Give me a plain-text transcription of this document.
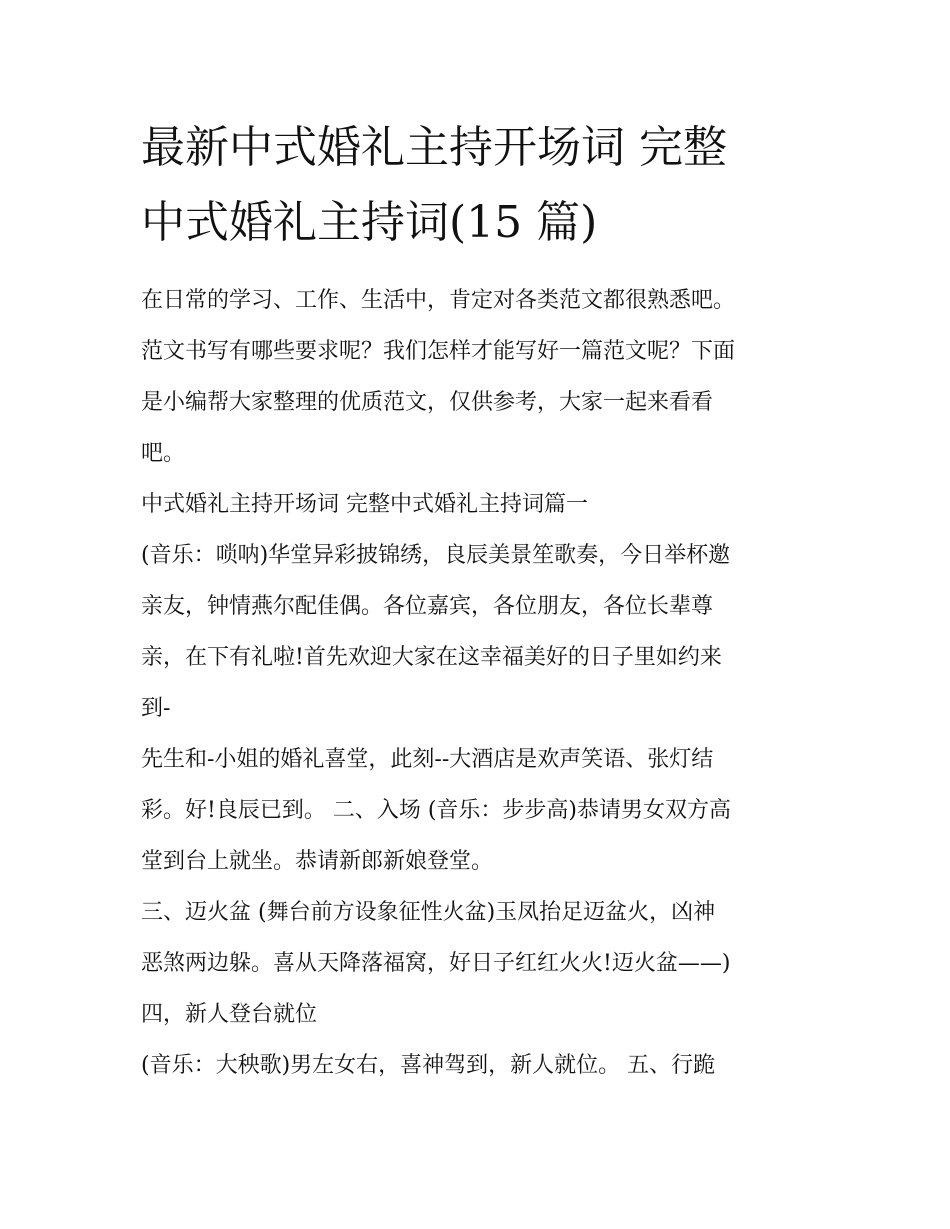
最新中式婚礼主持开场词 完整
中式婚礼主持词(15 篇)
在日常的学习、工作、生活中，肯定对各类范文都很熟悉吧。
范文书写有哪些要求呢？我们怎样才能写好一篇范文呢？下面
是小编帮大家整理的优质范文，仅供参考，大家一起来看看
吧。
中式婚礼主持开场词 完整中式婚礼主持词篇一
(音乐：唢呐)华堂异彩披锦绣，良辰美景笙歌奏，今日举杯邀
亲友，钟情燕尔配佳偶。各位嘉宾，各位朋友，各位长辈尊
亲，在下有礼啦!首先欢迎大家在这幸福美好的日子里如约来
到-
先生和-小姐的婚礼喜堂，此刻--大酒店是欢声笑语、张灯结
彩。好!良辰已到。 二、入场 (音乐：步步高)恭请男女双方高
堂到台上就坐。恭请新郎新娘登堂。
三、迈火盆 (舞台前方设象征性火盆)玉凤抬足迈盆火，凶神
恶煞两边躲。喜从天降落福窝，好日子红红火火!迈火盆——)
四，新人登台就位
(音乐：大秧歌)男左女右，喜神驾到，新人就位。 五、行跪
